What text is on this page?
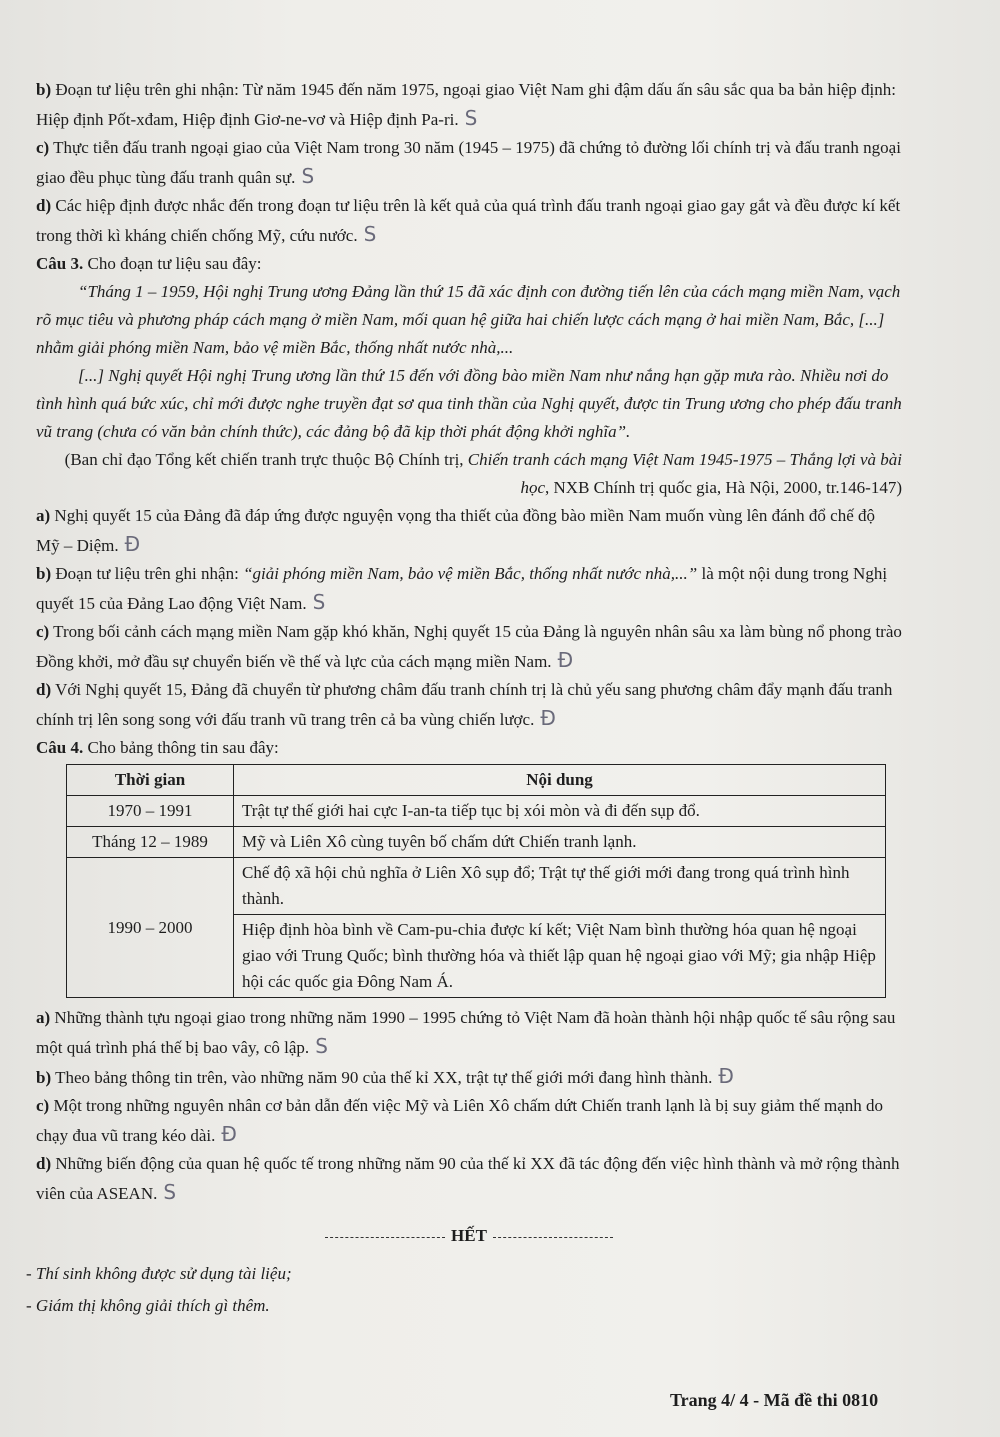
b) Đoạn tư liệu trên ghi nhận: Từ năm 1945 đến năm 1975, ngoại giao Việt Nam ghi đậm dấu ấn sâu sắc qua ba bản hiệp định: Hiệp định Pốt-xđam, Hiệp định Giơ-ne-vơ và Hiệp định Pa-ri. S

c) Thực tiễn đấu tranh ngoại giao của Việt Nam trong 30 năm (1945 – 1975) đã chứng tỏ đường lối chính trị và đấu tranh ngoại giao đều phục tùng đấu tranh quân sự. S

d) Các hiệp định được nhắc đến trong đoạn tư liệu trên là kết quả của quá trình đấu tranh ngoại giao gay gắt và đều được kí kết trong thời kì kháng chiến chống Mỹ, cứu nước. S

Câu 3. Cho đoạn tư liệu sau đây:

“Tháng 1 – 1959, Hội nghị Trung ương Đảng lần thứ 15 đã xác định con đường tiến lên của cách mạng miền Nam, vạch rõ mục tiêu và phương pháp cách mạng ở miền Nam, mối quan hệ giữa hai chiến lược cách mạng ở hai miền Nam, Bắc, [...] nhằm giải phóng miền Nam, bảo vệ miền Bắc, thống nhất nước nhà,...

[...] Nghị quyết Hội nghị Trung ương lần thứ 15 đến với đồng bào miền Nam như nắng hạn gặp mưa rào. Nhiều nơi do tình hình quá bức xúc, chỉ mới được nghe truyền đạt sơ qua tinh thần của Nghị quyết, được tin Trung ương cho phép đấu tranh vũ trang (chưa có văn bản chính thức), các đảng bộ đã kịp thời phát động khởi nghĩa”.

(Ban chỉ đạo Tổng kết chiến tranh trực thuộc Bộ Chính trị, Chiến tranh cách mạng Việt Nam 1945-1975 – Thắng lợi và bài học, NXB Chính trị quốc gia, Hà Nội, 2000, tr.146-147)

a) Nghị quyết 15 của Đảng đã đáp ứng được nguyện vọng tha thiết của đồng bào miền Nam muốn vùng lên đánh đổ chế độ Mỹ – Diệm. Đ

b) Đoạn tư liệu trên ghi nhận: “giải phóng miền Nam, bảo vệ miền Bắc, thống nhất nước nhà,...” là một nội dung trong Nghị quyết 15 của Đảng Lao động Việt Nam. S

c) Trong bối cảnh cách mạng miền Nam gặp khó khăn, Nghị quyết 15 của Đảng là nguyên nhân sâu xa làm bùng nổ phong trào Đồng khởi, mở đầu sự chuyển biến về thế và lực của cách mạng miền Nam. Đ

d) Với Nghị quyết 15, Đảng đã chuyển từ phương châm đấu tranh chính trị là chủ yếu sang phương châm đẩy mạnh đấu tranh chính trị lên song song với đấu tranh vũ trang trên cả ba vùng chiến lược. Đ

Câu 4. Cho bảng thông tin sau đây:

Thời gian	Nội dung
1970 – 1991	Trật tự thế giới hai cực I-an-ta tiếp tục bị xói mòn và đi đến sụp đổ.
Tháng 12 – 1989	Mỹ và Liên Xô cùng tuyên bố chấm dứt Chiến tranh lạnh.
1990 – 2000	Chế độ xã hội chủ nghĩa ở Liên Xô sụp đổ; Trật tự thế giới mới đang trong quá trình hình thành.
	Hiệp định hòa bình về Cam-pu-chia được kí kết; Việt Nam bình thường hóa quan hệ ngoại giao với Trung Quốc; bình thường hóa và thiết lập quan hệ ngoại giao với Mỹ; gia nhập Hiệp hội các quốc gia Đông Nam Á.

a) Những thành tựu ngoại giao trong những năm 1990 – 1995 chứng tỏ Việt Nam đã hoàn thành hội nhập quốc tế sâu rộng sau một quá trình phá thế bị bao vây, cô lập. S

b) Theo bảng thông tin trên, vào những năm 90 của thế kỉ XX, trật tự thế giới mới đang hình thành. Đ

c) Một trong những nguyên nhân cơ bản dẫn đến việc Mỹ và Liên Xô chấm dứt Chiến tranh lạnh là bị suy giảm thế mạnh do chạy đua vũ trang kéo dài. Đ

d) Những biến động của quan hệ quốc tế trong những năm 90 của thế kỉ XX đã tác động đến việc hình thành và mở rộng thành viên của ASEAN. S

HẾT

- Thí sinh không được sử dụng tài liệu;

- Giám thị không giải thích gì thêm.

Trang 4/ 4 - Mã đề thi 0810
